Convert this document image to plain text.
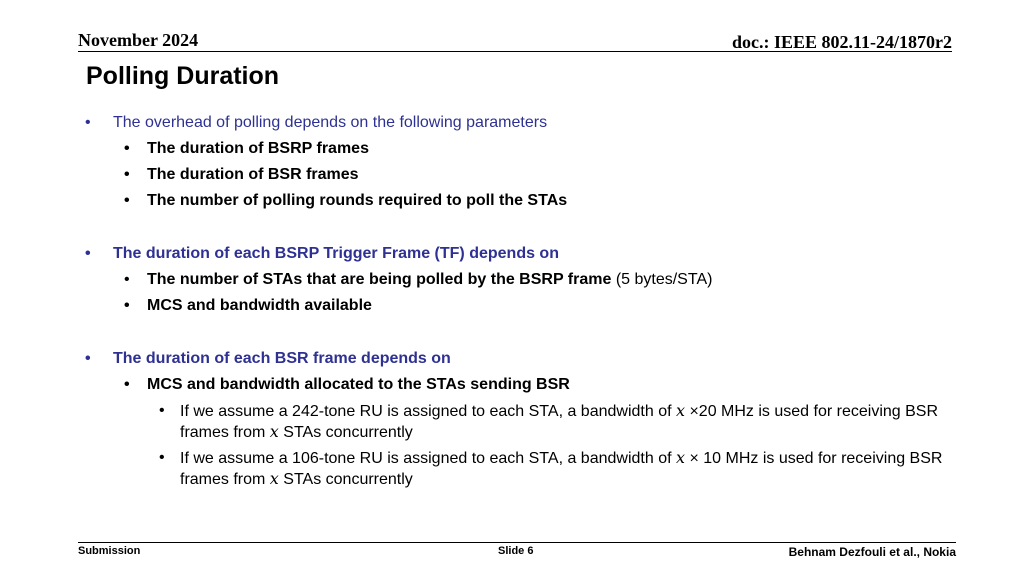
November 2024	doc.: IEEE 802.11-24/1870r2
Polling Duration
• The overhead of polling depends on the following parameters
• The duration of BSRP frames
• The duration of BSR frames
• The number of polling rounds required to poll the STAs
• The duration of each BSRP Trigger Frame (TF) depends on
• The number of STAs that are being polled by the BSRP frame (5 bytes/STA)
• MCS and bandwidth available
• The duration of each BSR frame depends on
• MCS and bandwidth allocated to the STAs sending BSR
• If we assume a 242-tone RU is assigned to each STA, a bandwidth of x ×20 MHz is used for receiving BSR frames from x STAs concurrently
• If we assume a 106-tone RU is assigned to each STA, a bandwidth of x × 10 MHz is used for receiving BSR frames from x STAs concurrently
Submission	Slide 6	Behnam Dezfouli et al., Nokia
